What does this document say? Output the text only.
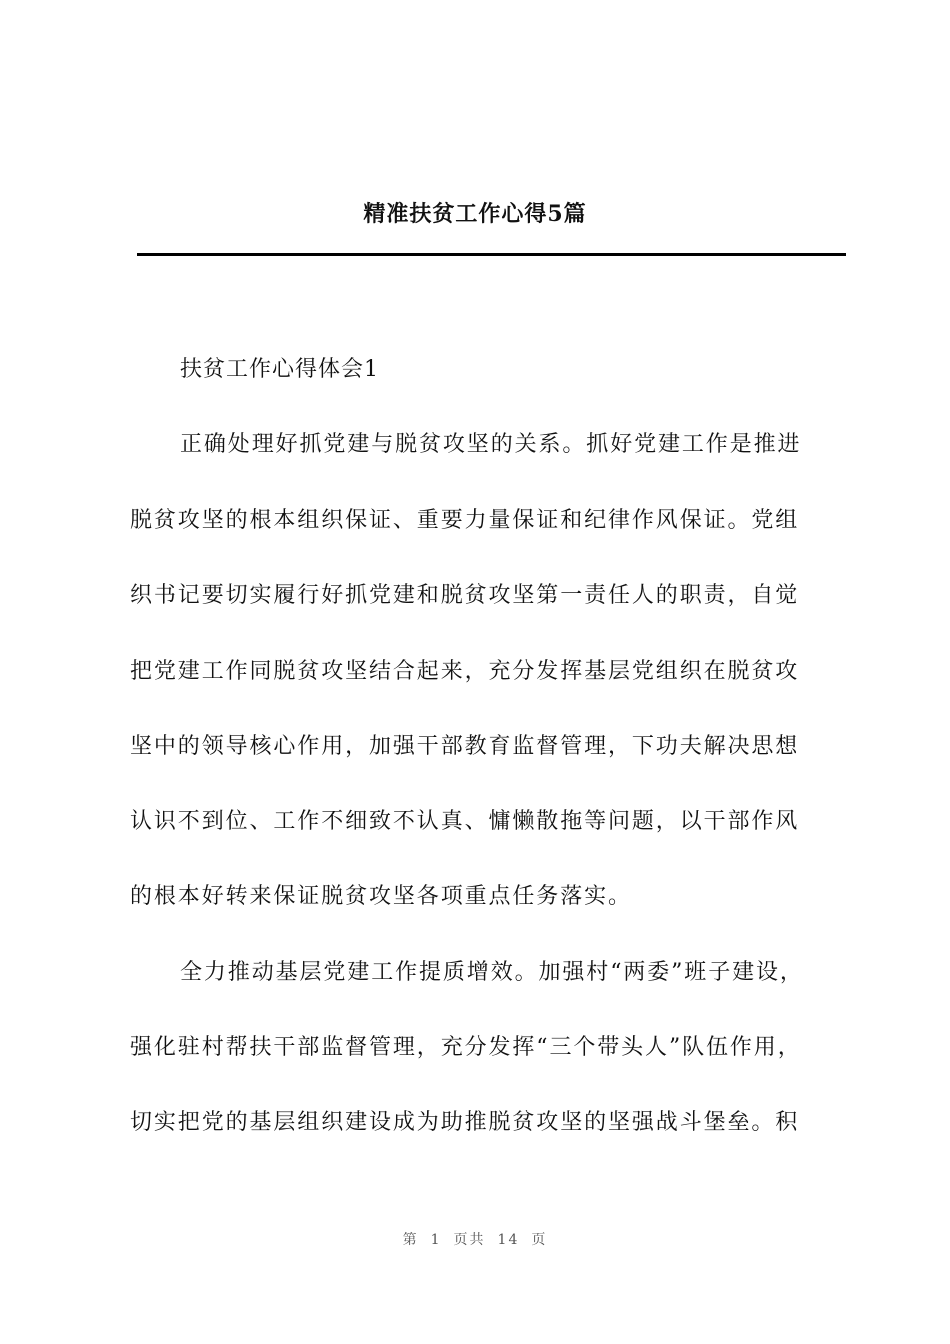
精准扶贫工作心得5篇
扶贫工作心得体会1
正确处理好抓党建与脱贫攻坚的关系。抓好党建工作是推进
脱贫攻坚的根本组织保证、重要力量保证和纪律作风保证。党组
织书记要切实履行好抓党建和脱贫攻坚第一责任人的职责，自觉
把党建工作同脱贫攻坚结合起来，充分发挥基层党组织在脱贫攻
坚中的领导核心作用，加强干部教育监督管理，下功夫解决思想
认识不到位、工作不细致不认真、慵懒散拖等问题，以干部作风
的根本好转来保证脱贫攻坚各项重点任务落实。
全力推动基层党建工作提质增效。加强村“两委”班子建设，
强化驻村帮扶干部监督管理，充分发挥“三个带头人”队伍作用，
切实把党的基层组织建设成为助推脱贫攻坚的坚强战斗堡垒。积
第 1 页共 14 页
